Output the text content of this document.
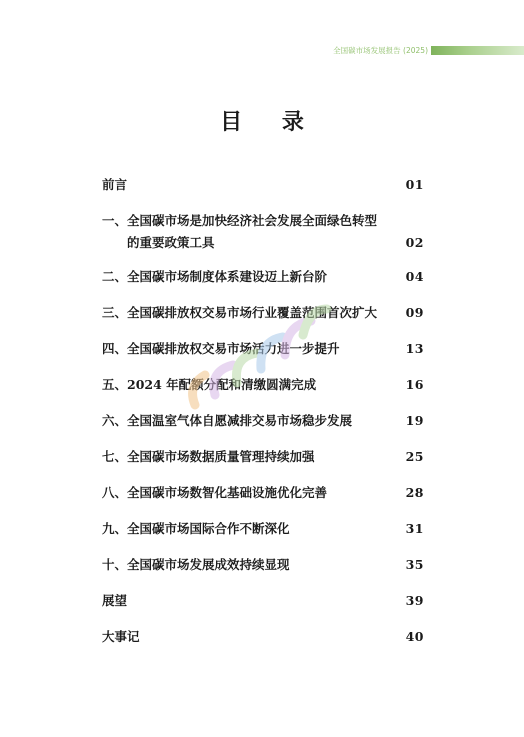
全国碳市场发展报告 (2025)
目 录
前言	01
一、全国碳市场是加快经济社会发展全面绿色转型
的重要政策工具	02
二、全国碳市场制度体系建设迈上新台阶	04
三、全国碳排放权交易市场行业覆盖范围首次扩大 09
四、全国碳排放权交易市场活力进一步提升	13
五、2024 年配额分配和清缴圆满完成	16
六、全国温室气体自愿减排交易市场稳步发展	19
七、全国碳市场数据质量管理持续加强	25
八、全国碳市场数智化基础设施优化完善	28
九、全国碳市场国际合作不断深化	31
十、全国碳市场发展成效持续显现	35
展望	39
大事记	40
